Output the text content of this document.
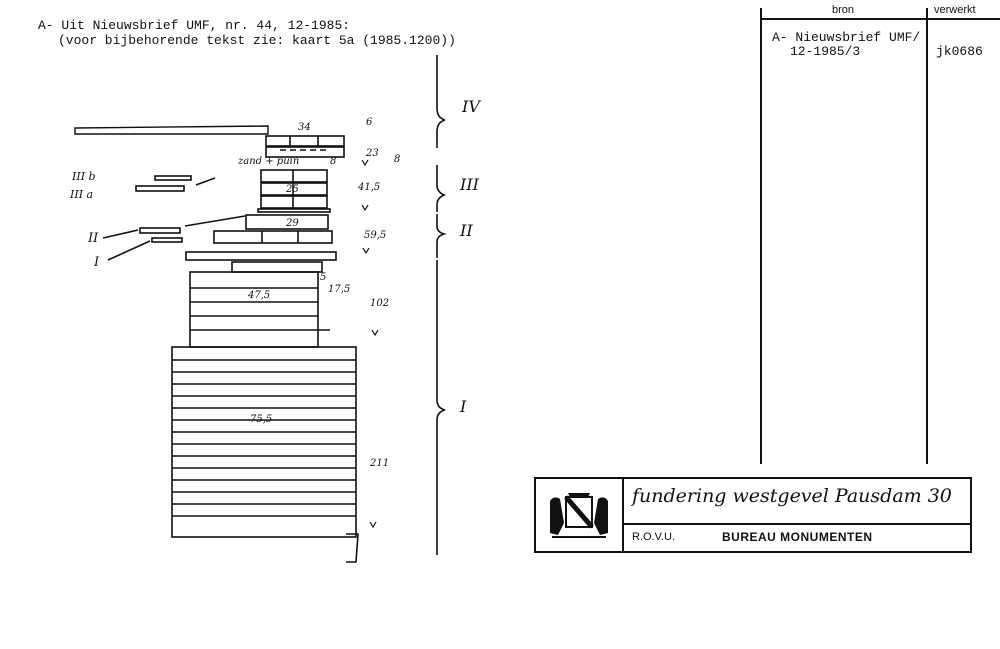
A- Uit Nieuwsbrief UMF, nr. 44, 12-1985:
(voor bijbehorende tekst zie: kaart 5a (1985.1200))
bron	verwerkt
A- Nieuwsbrief UMF/
12-1985/3	jk0686
IV
III
II
I
III b
III a
II
I
34	6
25
23
8
41,5
29
59,5
5
17,5
47,5
102
75,5
211
zand + puin	8
fundering westgevel Pausdam 30
R.O.V.U.	BUREAU MONUMENTEN
